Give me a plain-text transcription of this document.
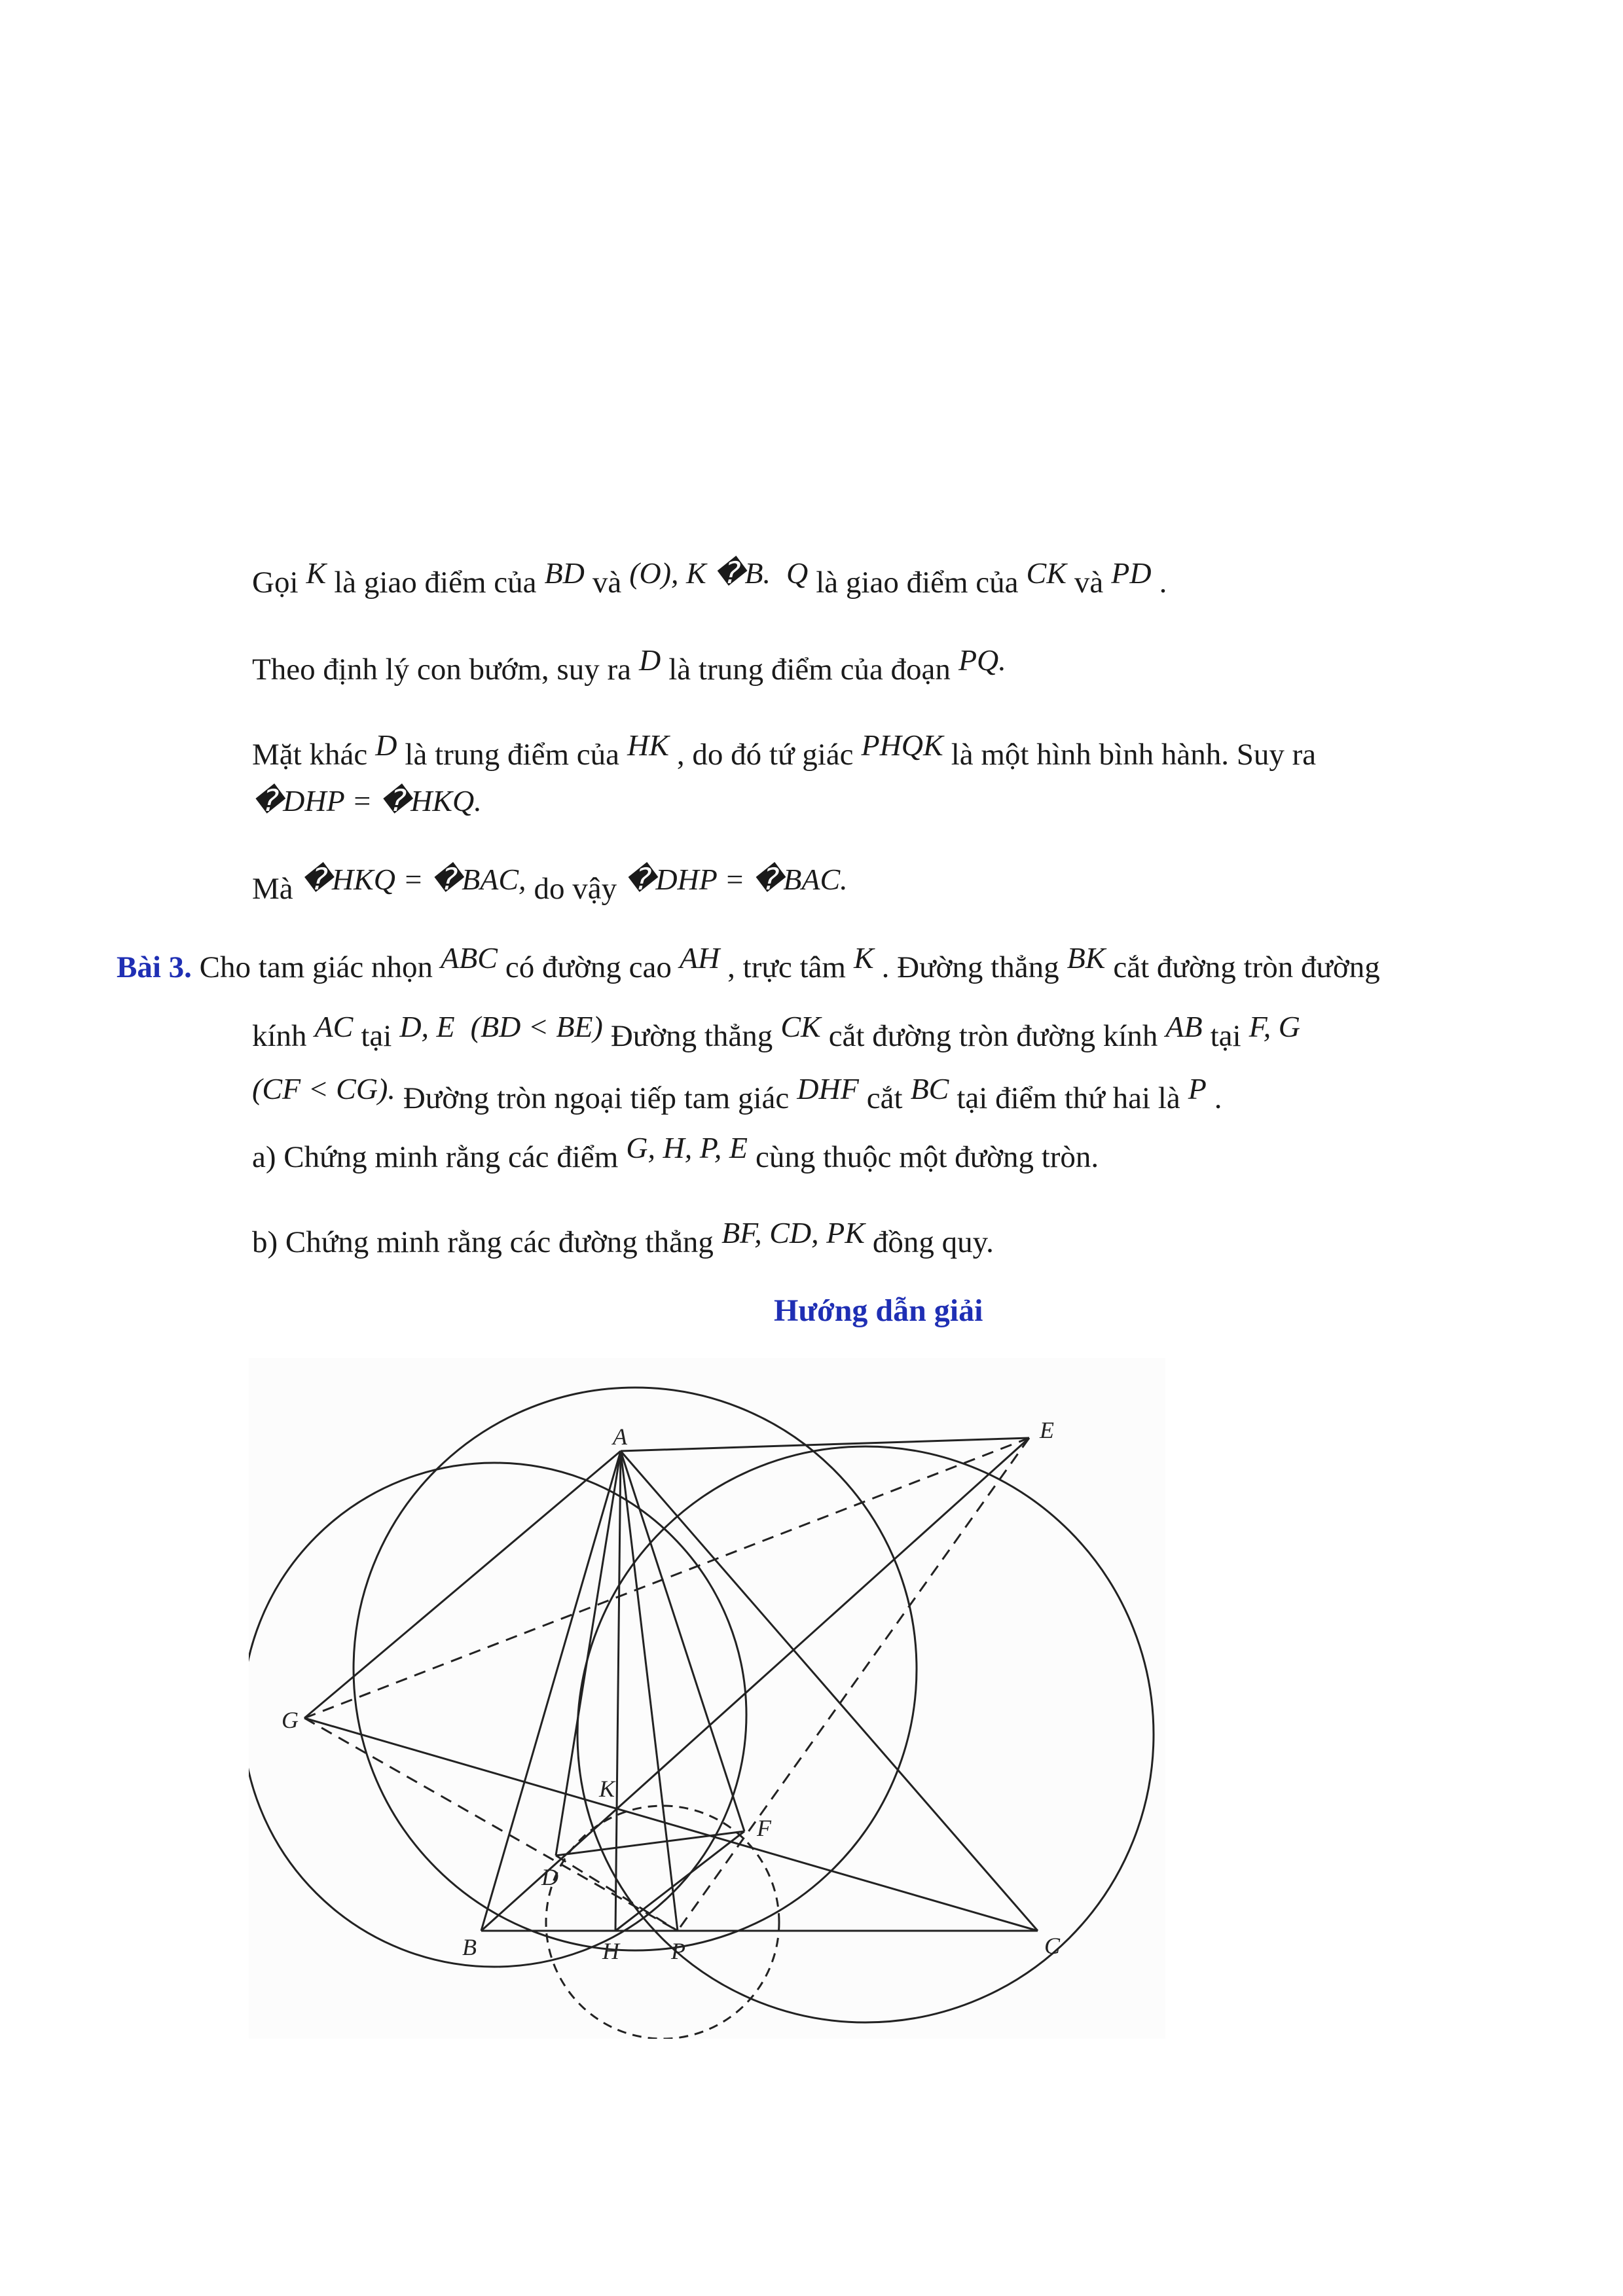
Gọi K là giao điểm của BD và (O), K �B. Q là giao điểm của CK và PD .
Theo định lý con bướm, suy ra D là trung điểm của đoạn PQ.
Mặt khác D là trung điểm của HK , do đó tứ giác PHQK là một hình bình hành. Suy ra
�DHP = �HKQ.
Mà �HKQ = �BAC, do vậy �DHP = �BAC.
Bài 3. Cho tam giác nhọn ABC có đường cao AH , trực tâm K . Đường thẳng BK cắt đường tròn đường
kính AC tại D, E (BD < BE) Đường thẳng CK cắt đường tròn đường kính AB tại F, G
(CF < CG). Đường tròn ngoại tiếp tam giác DHF cắt BC tại điểm thứ hai là P .
a) Chứng minh rằng các điểm G, H, P, E cùng thuộc một đường tròn.
b) Chứng minh rằng các đường thẳng BF, CD, PK đồng quy.
Hướng dẫn giải
A	E
G
K
F
D
B	H P	C
